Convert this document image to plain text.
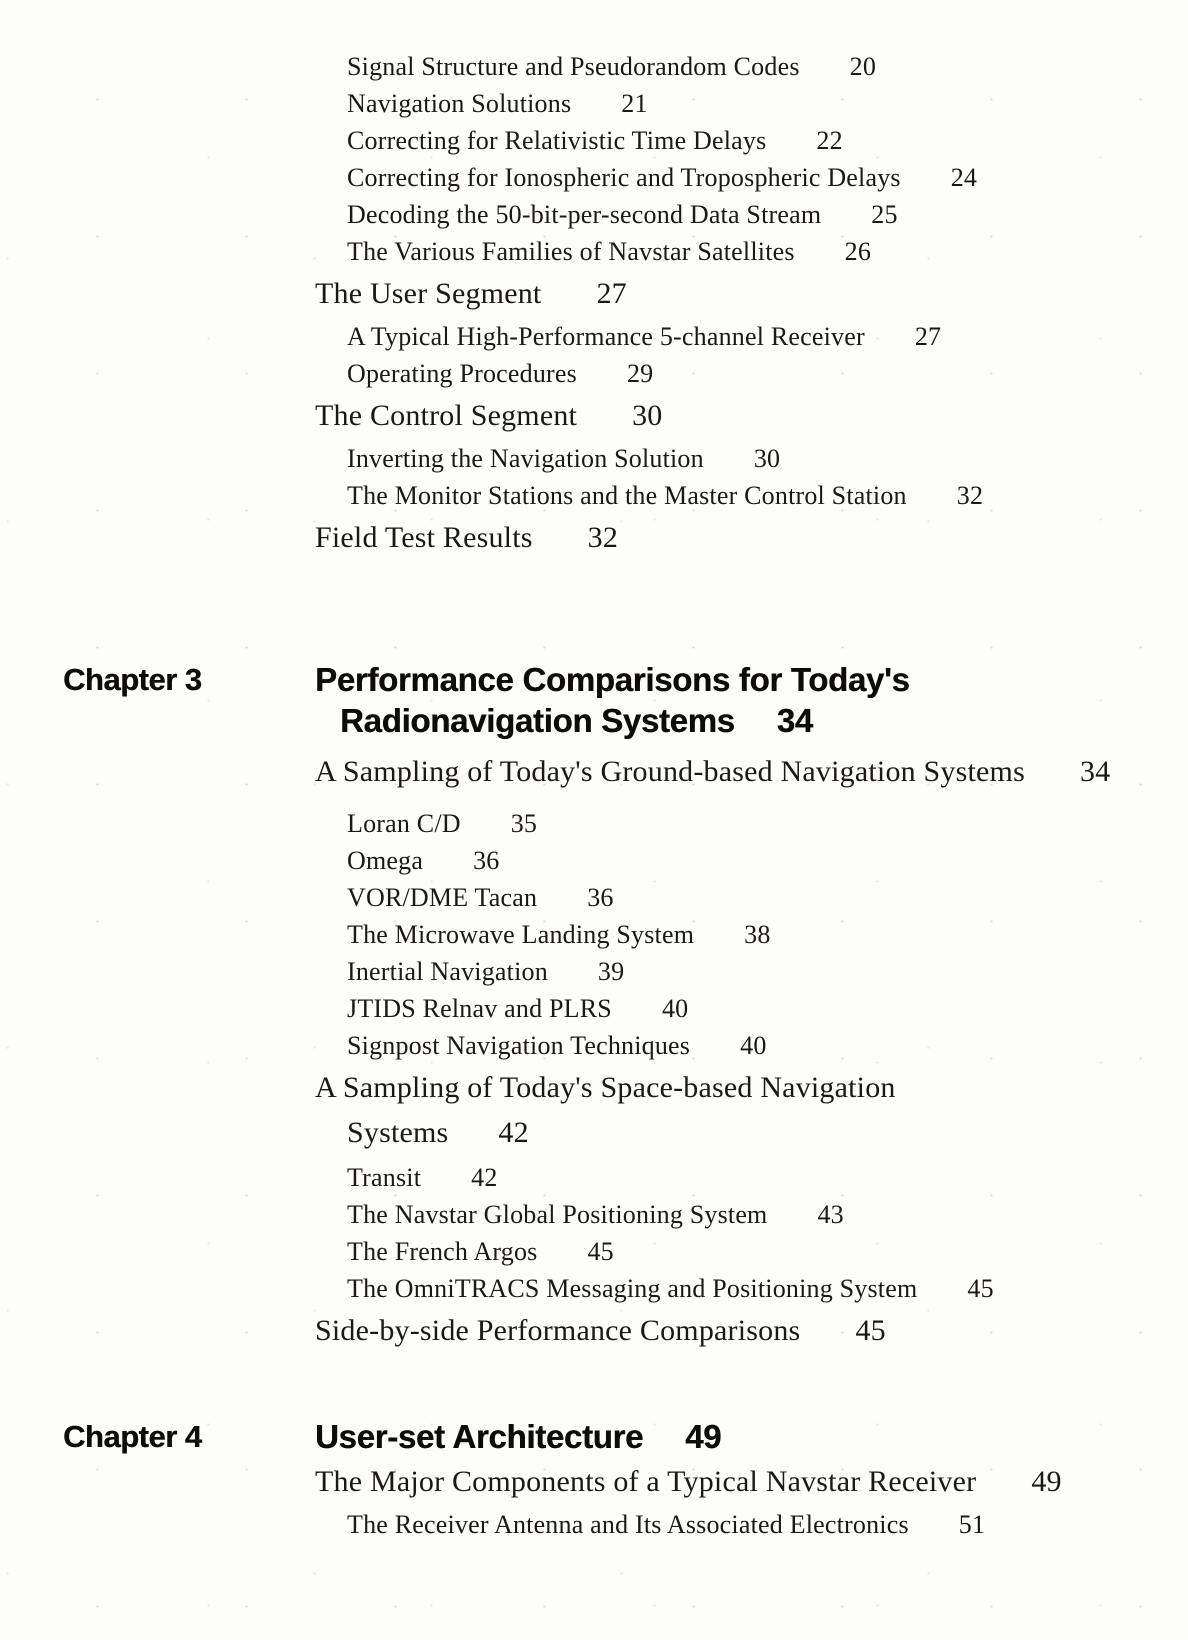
Signal Structure and Pseudorandom Codes 20
Navigation Solutions 21
Correcting for Relativistic Time Delays 22
Correcting for Ionospheric and Tropospheric Delays 24
Decoding the 50-bit-per-second Data Stream 25
The Various Families of Navstar Satellites 26
The User Segment 27
A Typical High-Performance 5-channel Receiver 27
Operating Procedures 29
The Control Segment 30
Inverting the Navigation Solution 30
The Monitor Stations and the Master Control Station 32
Field Test Results 32
Chapter 3	Performance Comparisons for Today's
Radionavigation Systems 34
A Sampling of Today's Ground-based Navigation Systems 34
Loran C/D 35
Omega 36
VOR/DME Tacan 36
The Microwave Landing System 38
Inertial Navigation 39
JTIDS Relnav and PLRS 40
Signpost Navigation Techniques 40
A Sampling of Today's Space-based Navigation
Systems 42
Transit 42
The Navstar Global Positioning System 43
The French Argos 45
The OmniTRACS Messaging and Positioning System 45
Side-by-side Performance Comparisons 45
Chapter 4	User-set Architecture 49
The Major Components of a Typical Navstar Receiver 49
The Receiver Antenna and Its Associated Electronics 51
